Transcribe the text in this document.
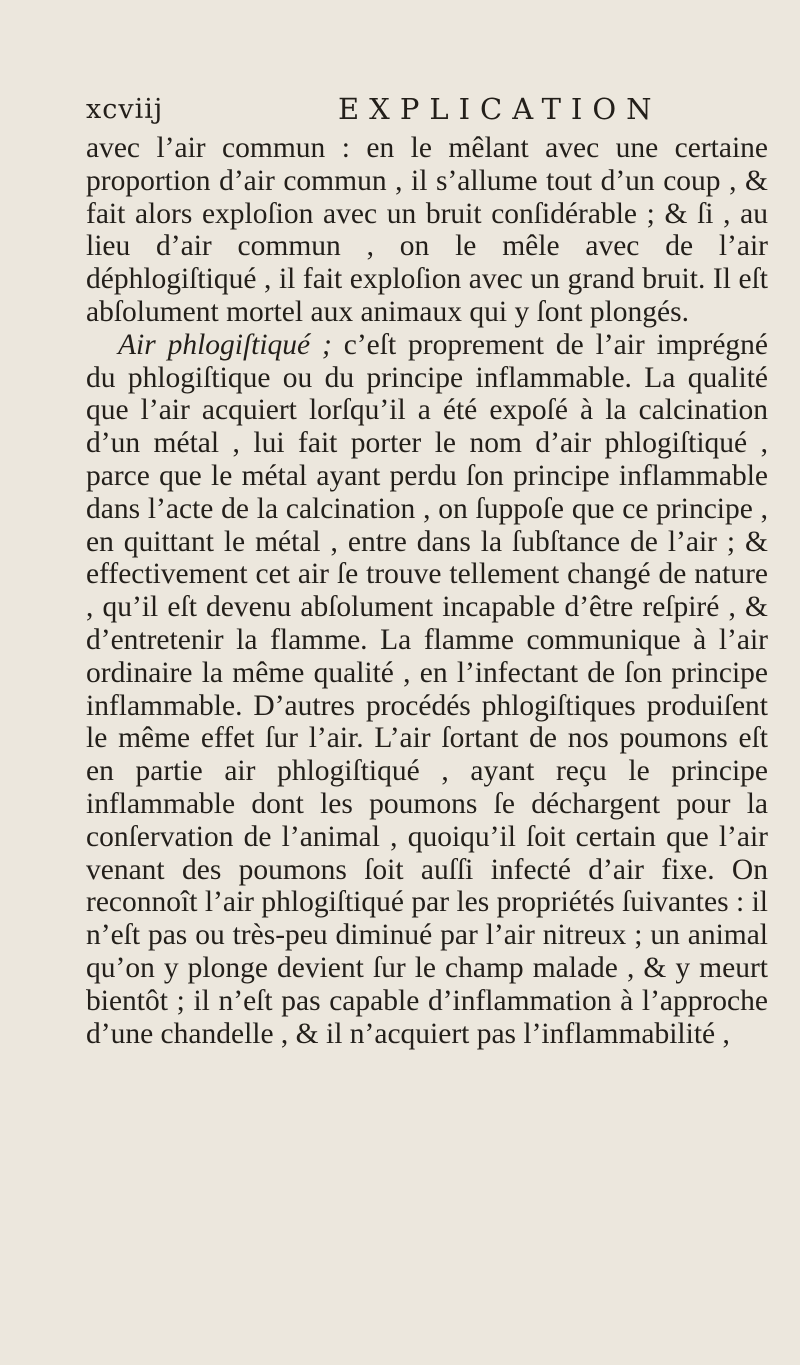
xcviij	EXPLICATION

avec l’air commun : en le mêlant avec une certaine proportion d’air commun , il s’allume tout d’un coup , & fait alors exploſion avec un bruit conſidérable ; & ſi , au lieu d’air commun , on le mêle avec de l’air déphlogiſtiqué , il fait exploſion avec un grand bruit. Il eſt abſolument mortel aux animaux qui y ſont plongés.

Air phlogiſtiqué ; c’eſt proprement de l’air imprégné du phlogiſtique ou du principe inflammable. La qualité que l’air acquiert lorſqu’il a été expoſé à la calcination d’un métal , lui fait porter le nom d’air phlogiſtiqué , parce que le métal ayant perdu ſon principe inflammable dans l’acte de la calcination , on ſuppoſe que ce principe , en quittant le métal , entre dans la ſubſtance de l’air ; & effectivement cet air ſe trouve tellement changé de nature , qu’il eſt devenu abſolument incapable d’être reſpiré , & d’entretenir la flamme. La flamme communique à l’air ordinaire la même qualité , en l’infectant de ſon principe inflammable. D’autres procédés phlogiſtiques produiſent le même effet ſur l’air. L’air ſortant de nos poumons eſt en partie air phlogiſtiqué , ayant reçu le principe inflammable dont les poumons ſe déchargent pour la conſervation de l’animal , quoiqu’il ſoit certain que l’air venant des poumons ſoit auſſi infecté d’air fixe. On reconnoît l’air phlogiſtiqué par les propriétés ſuivantes : il n’eſt pas ou très-peu diminué par l’air nitreux ; un animal qu’on y plonge devient ſur le champ malade , & y meurt bientôt ; il n’eſt pas capable d’inflammation à l’approche d’une chandelle , & il n’acquiert pas l’inflammabilité ,
